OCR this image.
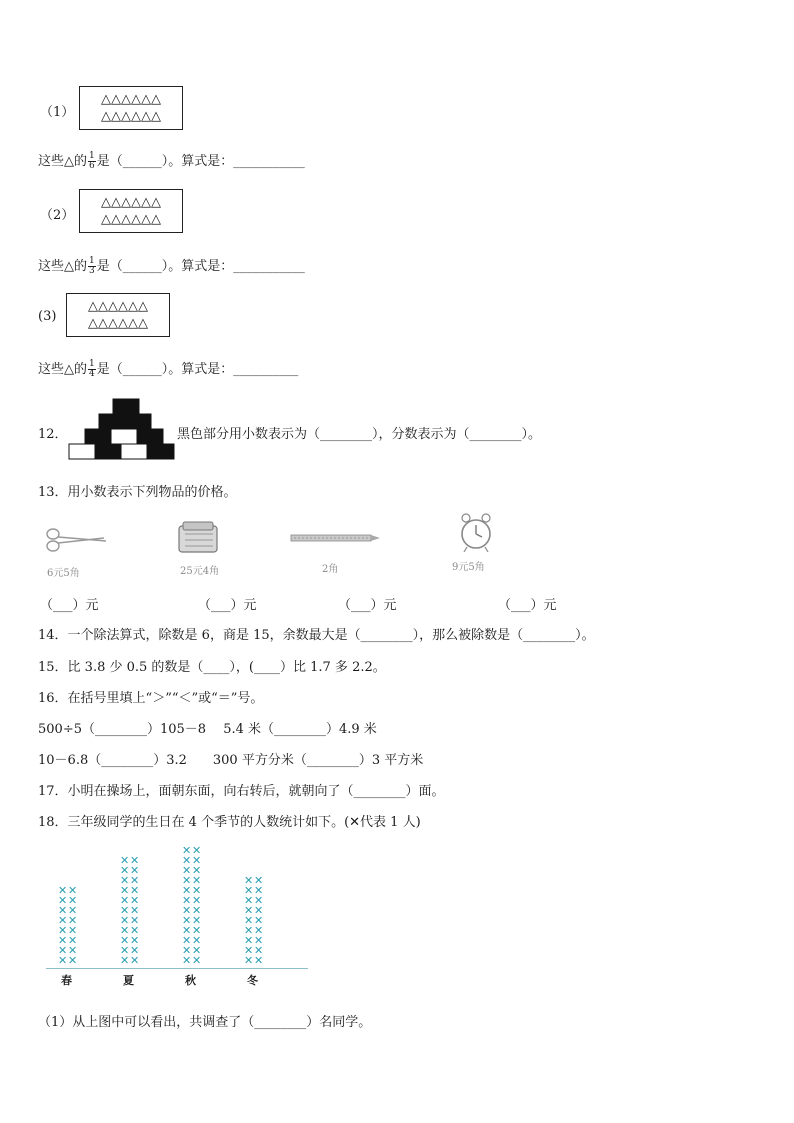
（1）
△△△△△△
△△△△△△
这些△的 $\frac{1}{6}$ 是（______）。算式是：___________
（2）
△△△△△△
△△△△△△
这些△的 $\frac{1}{3}$ 是（______）。算式是：___________
(3)
△△△△△△
△△△△△△
这些△的 $\frac{1}{4}$ 是（______）。算式是：__________
12．	黑色部分用小数表示为（________），分数表示为（________）。
13．用小数表示下列物品的价格。
6元5角	25元4角	2角	9元5角
（___）元	（___）元	（___）元	（___）元
14．一个除法算式，除数是 6，商是 15，余数最大是（________），那么被除数是（________）。
15．比 3.8 少 0.5 的数是（____），(____）比 1.7 多 2.2。
16．在括号里填上“＞”“＜”或“＝”号。
500÷5（________）105－8　 5.4 米（________）4.9 米
10－6.8（________）3.2　　300 平方分米（________）3 平方米
17．小明在操场上，面朝东面，向右转后，就朝向了（________）面。
18．三年级同学的生日在 4 个季节的人数统计如下。(✕代表 1 人)
✕
✕
✕
✕
✕
✕
✕
✕
✕
✕
✕
✕
✕
✕
✕
✕
春
✕
✕
✕
✕
✕
✕
✕
✕
✕
✕
✕
✕
✕
✕
✕
✕
✕
✕
✕
✕
✕
✕
夏
✕
✕
✕
✕
✕
✕
✕
✕
✕
✕
✕
✕
✕
✕
✕
✕
✕
✕
✕
✕
✕
✕
✕
✕
秋
✕
✕
✕
✕
✕
✕
✕
✕
✕
✕
✕
✕
✕
✕
✕
✕
✕
✕
冬
（1）从上图中可以看出，共调查了（________）名同学。
